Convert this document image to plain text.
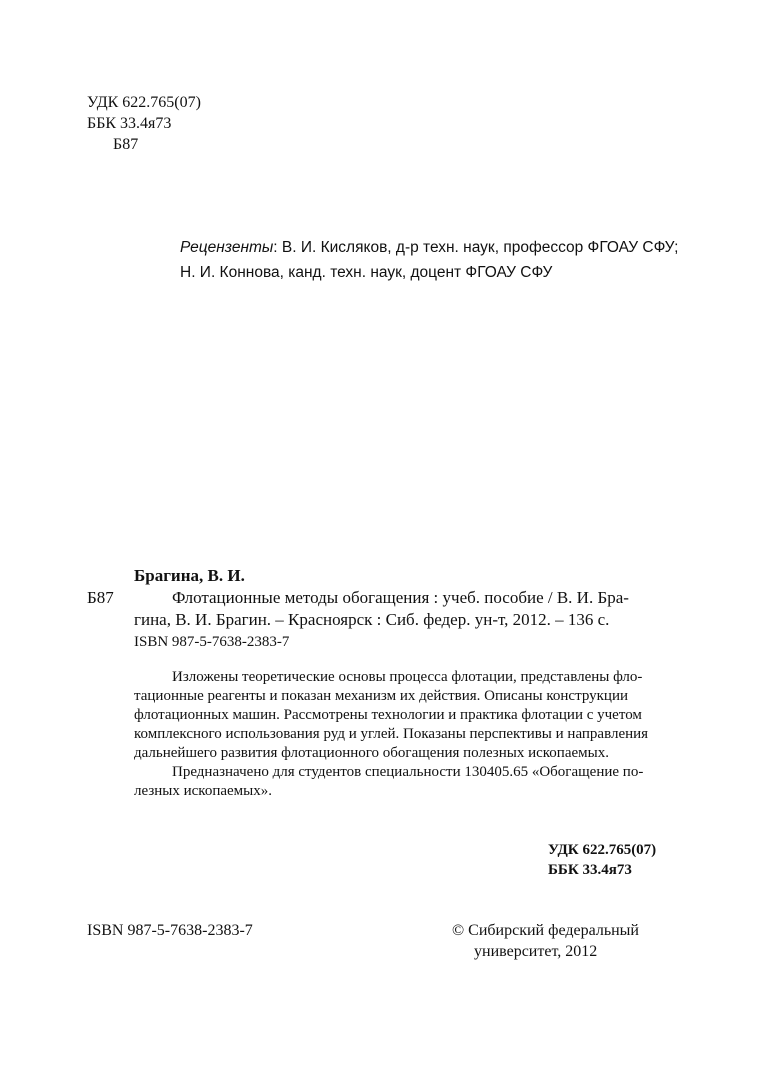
УДК 622.765(07)
ББК 33.4я73
Б87
Рецензенты: В. И. Кисляков, д-р техн. наук, профессор ФГОАУ СФУ;
Н. И. Коннова, канд. техн. наук, доцент ФГОАУ СФУ
Брагина, В. И.
Б87	Флотационные методы обогащения : учеб. пособие / В. И. Бра-
гина, В. И. Брагин. – Красноярск : Сиб. федер. ун-т, 2012. – 136 с.
ISBN 987-5-7638-2383-7
Изложены теоретические основы процесса флотации, представлены фло-
тационные реагенты и показан механизм их действия. Описаны конструкции
флотационных машин. Рассмотрены технологии и практика флотации с учетом
комплексного использования руд и углей. Показаны перспективы и направления
дальнейшего развития флотационного обогащения полезных ископаемых.
Предназначено для студентов специальности 130405.65 «Обогащение по-
лезных ископаемых».
УДК 622.765(07)
ББК 33.4я73
ISBN 987-5-7638-2383-7	© Сибирский федеральный
университет, 2012
